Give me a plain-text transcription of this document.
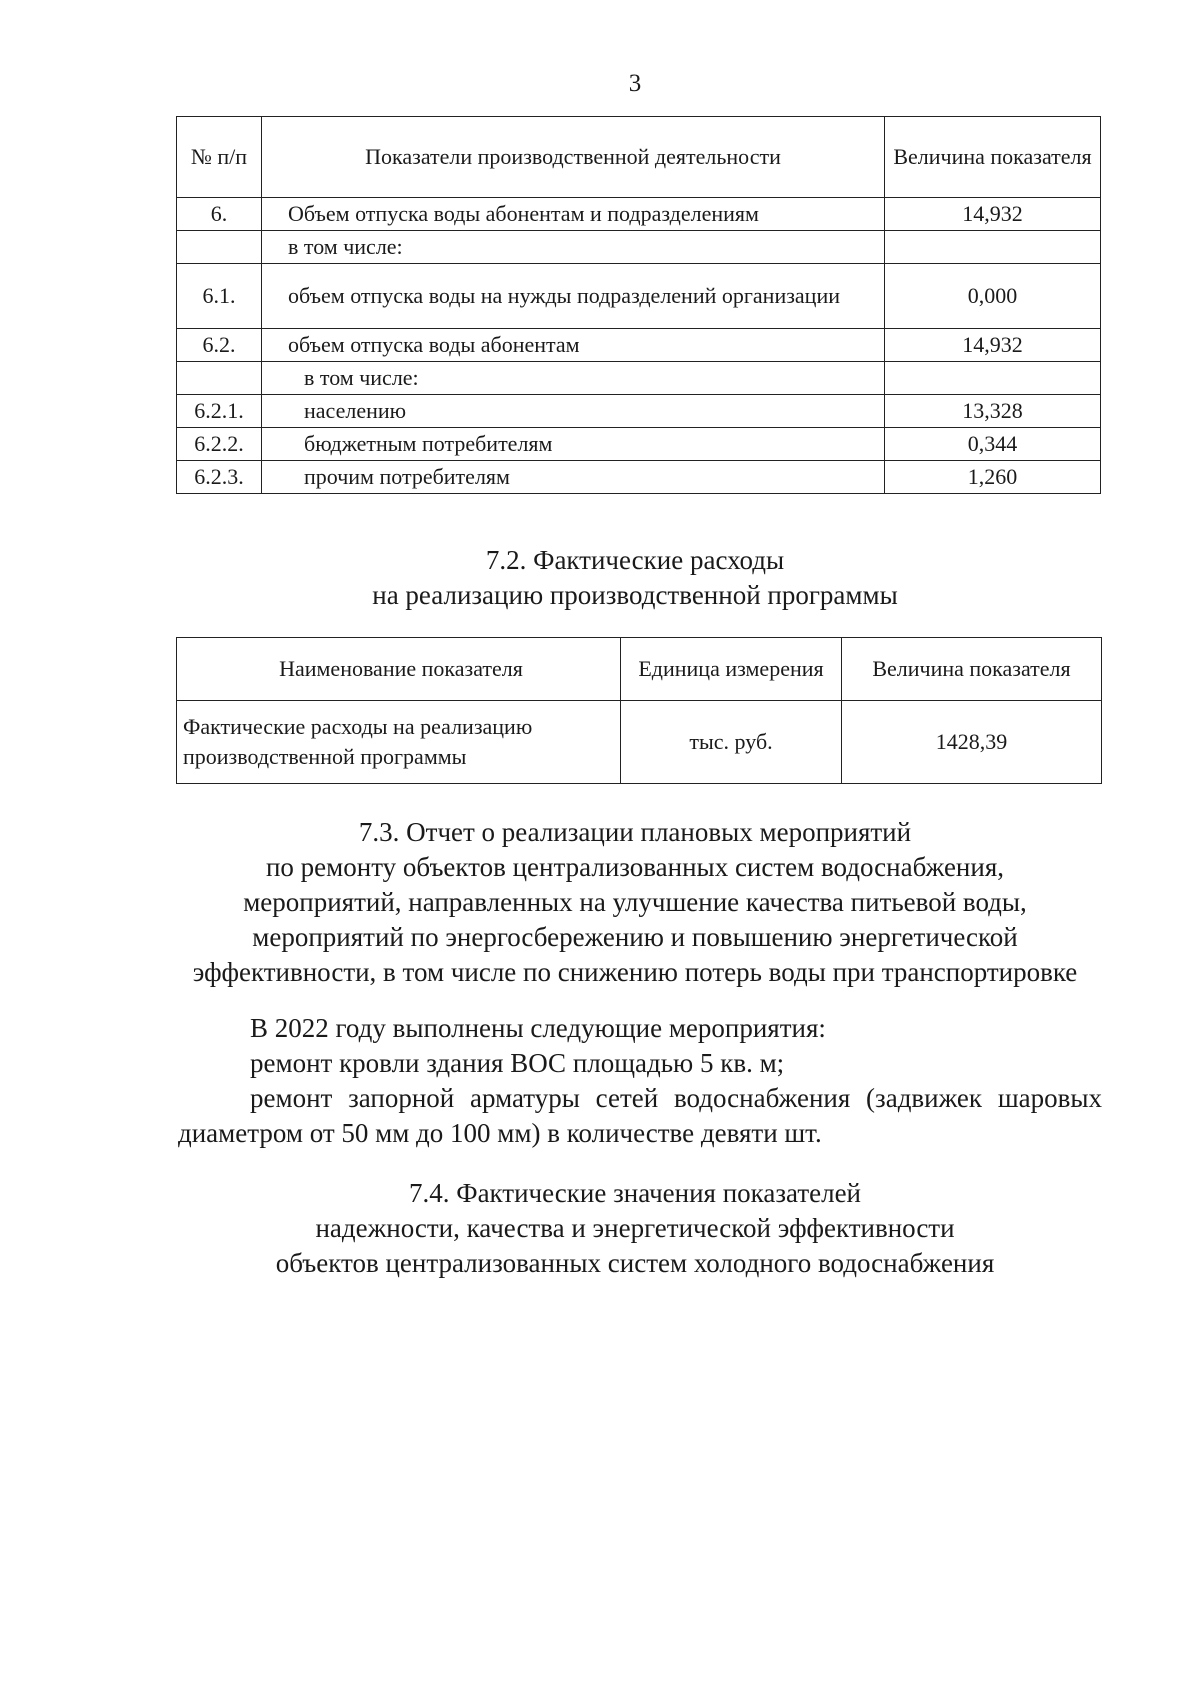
3
№ п/п	Показатели производственной деятельности	Величина показателя
6.	Объем отпуска воды абонентам и подразделениям	14,932
	в том числе:	
6.1.	объем отпуска воды на нужды подразделений организации	0,000
6.2.	объем отпуска воды абонентам	14,932
	в том числе:	
6.2.1.	населению	13,328
6.2.2.	бюджетным потребителям	0,344
6.2.3.	прочим потребителям	1,260
7.2. Фактические расходы
на реализацию производственной программы
Наименование показателя	Единица измерения	Величина показателя
Фактические расходы на реализацию производственной программы	тыс. руб.	1428,39
7.3. Отчет о реализации плановых мероприятий
по ремонту объектов централизованных систем водоснабжения,
мероприятий, направленных на улучшение качества питьевой воды,
мероприятий по энергосбережению и повышению энергетической
эффективности, в том числе по снижению потерь воды при транспортировке
В 2022 году выполнены следующие мероприятия:
ремонт кровли здания ВОС площадью 5 кв. м;
ремонт запорной арматуры сетей водоснабжения (задвижек шаровых
диаметром от 50 мм до 100 мм) в количестве девяти шт.
7.4. Фактические значения показателей
надежности, качества и энергетической эффективности
объектов централизованных систем холодного водоснабжения
